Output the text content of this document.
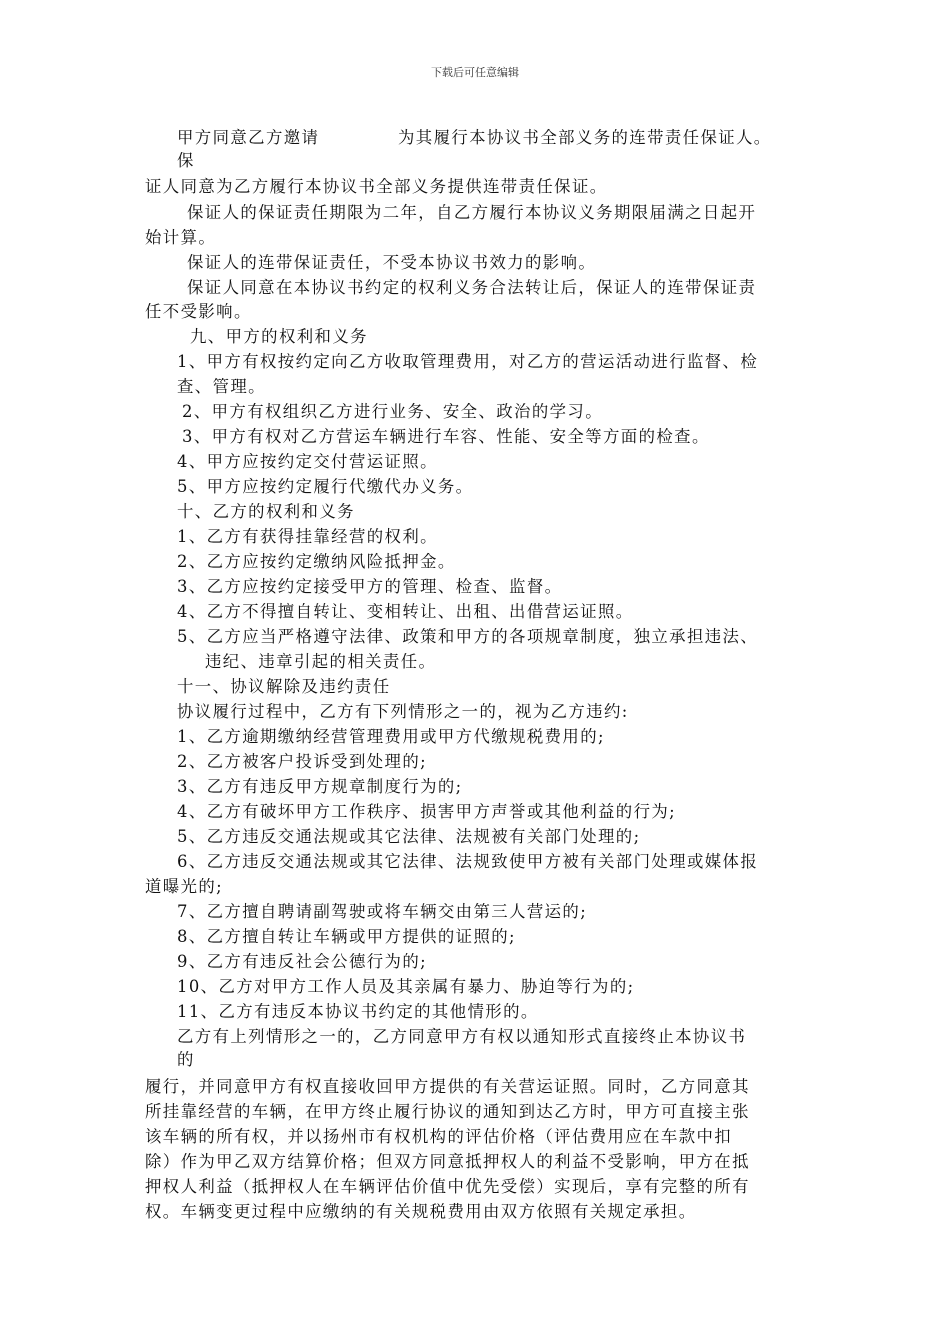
下载后可任意编辑
甲方同意乙方邀请	为其履行本协议书全部义务的连带责任保证人。
保
证人同意为乙方履行本协议书全部义务提供连带责任保证。
保证人的保证责任期限为二年，自乙方履行本协议义务期限届满之日起开
始计算。
保证人的连带保证责任，不受本协议书效力的影响。
保证人同意在本协议书约定的权利义务合法转让后，保证人的连带保证责
任不受影响。
九、甲方的权利和义务
1、甲方有权按约定向乙方收取管理费用，对乙方的营运活动进行监督、检
查、管理。
2、甲方有权组织乙方进行业务、安全、政治的学习。
3、甲方有权对乙方营运车辆进行车容、性能、安全等方面的检查。
4、甲方应按约定交付营运证照。
5、甲方应按约定履行代缴代办义务。
十、乙方的权利和义务
1、乙方有获得挂靠经营的权利。
2、乙方应按约定缴纳风险抵押金。
3、乙方应按约定接受甲方的管理、检查、监督。
4、乙方不得擅自转让、变相转让、出租、出借营运证照。
5、乙方应当严格遵守法律、政策和甲方的各项规章制度，独立承担违法、
违纪、违章引起的相关责任。
十一、协议解除及违约责任
协议履行过程中，乙方有下列情形之一的，视为乙方违约:
1、乙方逾期缴纳经营管理费用或甲方代缴规税费用的;
2、乙方被客户投诉受到处理的;
3、乙方有违反甲方规章制度行为的;
4、乙方有破坏甲方工作秩序、损害甲方声誉或其他利益的行为;
5、乙方违反交通法规或其它法律、法规被有关部门处理的;
6、乙方违反交通法规或其它法律、法规致使甲方被有关部门处理或媒体报
道曝光的;
7、乙方擅自聘请副驾驶或将车辆交由第三人营运的;
8、乙方擅自转让车辆或甲方提供的证照的;
9、乙方有违反社会公德行为的;
10、乙方对甲方工作人员及其亲属有暴力、胁迫等行为的;
11、乙方有违反本协议书约定的其他情形的。
乙方有上列情形之一的，乙方同意甲方有权以通知形式直接终止本协议书
的
履行，并同意甲方有权直接收回甲方提供的有关营运证照。同时，乙方同意其
所挂靠经营的车辆，在甲方终止履行协议的通知到达乙方时，甲方可直接主张
该车辆的所有权，并以扬州市有权机构的评估价格（评估费用应在车款中扣
除）作为甲乙双方结算价格；但双方同意抵押权人的利益不受影响，甲方在抵
押权人利益（抵押权人在车辆评估价值中优先受偿）实现后，享有完整的所有
权。车辆变更过程中应缴纳的有关规税费用由双方依照有关规定承担。
